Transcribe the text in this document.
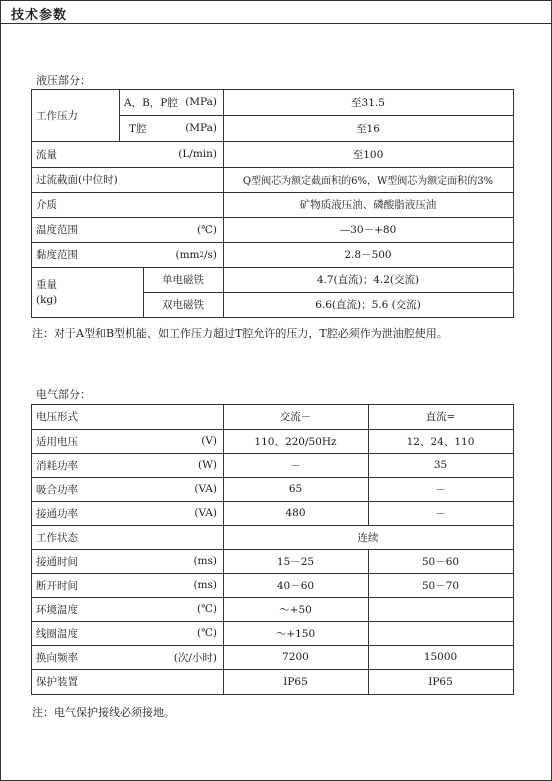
技术参数
液压部分：
工作压力
A，B，P腔 (MPa)	至31.5
T腔	(MPa)	至16
流量	(L/min)	至100
过流截面(中位时)	Q型阀芯为额定截面积的6%，W型阀芯为额定面积的3%
介质	矿物质液压油、磷酸脂液压油
温度范围	(℃)	—30－+80
黏度范围	(mm 2 /s)	2.8－500
重量
(kg)
单电磁铁	4.7(直流)；4.2(交流)
双电磁铁	6.6(直流)；5.6 (交流)
注：对于A型和B型机能、如工作压力超过T腔允许的压力，T腔必须作为泄油腔使用。
电气部分：
电压形式	交流－	直流=
适用电压	(V)	110、220/50Hz	12、24、110
消耗功率	(W)	－	35
吸合功率	(VA)	65	－
接通功率	(VA)	480	－
工作状态	连续
接通时间	(ms)	15－25	50－60
断开时间	(ms)	40－60	50－70
环境温度	(℃)	～+50
线圈温度	(℃)	～+150
换向频率	(次/小时)	7200	15000
保护装置	IP65	IP65
注：电气保护接线必须接地。
